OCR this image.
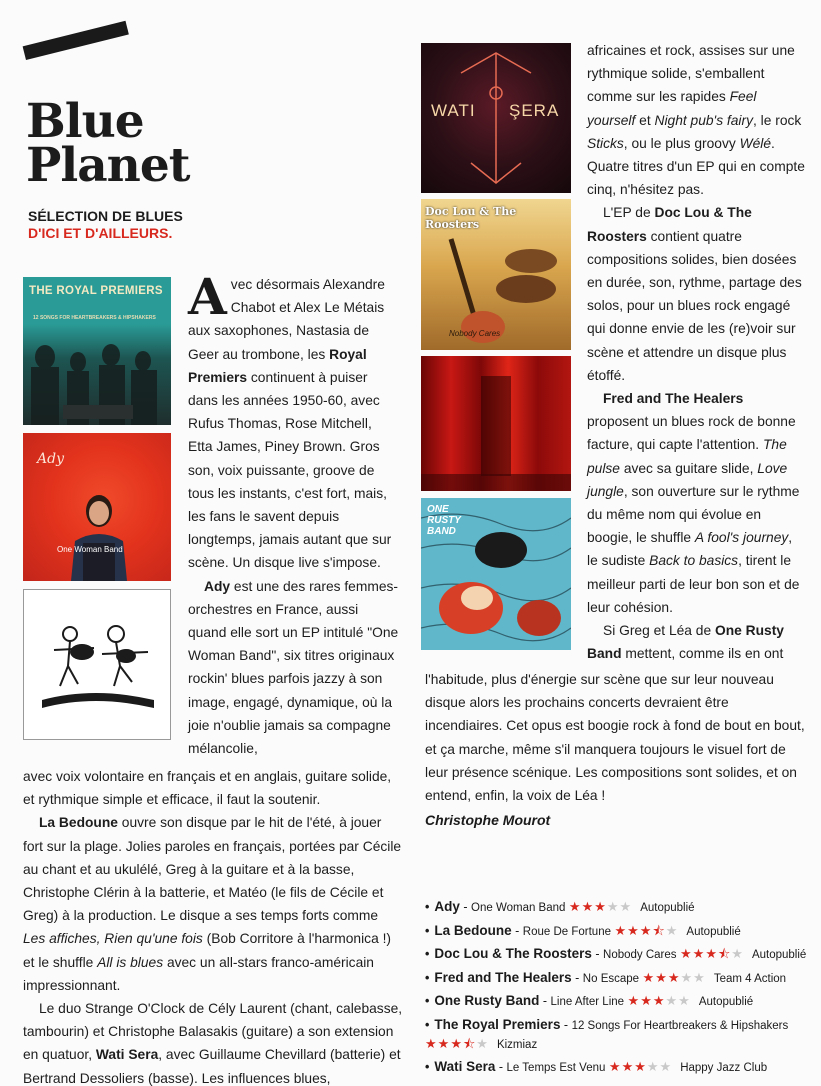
Blue
Planet
SÉLECTION DE BLUES
D'ICI ET D'AILLEURS.
THE ROYAL PREMIERS
12 SONGS FOR HEARTBREAKERS & HIPSHAKERS
Ady
One Woman Band
WATI ŞERA
Doc Lou & The Roosters
Nobody Cares
ONE RUSTY BAND

Avec désormais Alexandre Chabot et Alex Le Métais aux saxophones, Nastasia de Geer au trombone, les Royal Premiers continuent à puiser dans les années 1950-60, avec Rufus Thomas, Rose Mitchell, Etta James, Piney Brown. Gros son, voix puissante, groove de tous les instants, c'est fort, mais, les fans le savent depuis longtemps, jamais autant que sur scène. Un disque live s'impose.

Ady est une des rares femmes-orchestres en France, aussi quand elle sort un EP intitulé "One Woman Band", six titres originaux rockin' blues parfois jazzy à son image, engagé, dynamique, où la joie n'oublie jamais sa compagne mélancolie,

avec voix volontaire en français et en anglais, guitare solide, et rythmique simple et efficace, il faut la soutenir.

La Bedoune ouvre son disque par le hit de l'été, à jouer fort sur la plage. Jolies paroles en français, portées par Cécile au chant et au ukulélé, Greg à la guitare et à la basse, Christophe Clérin à la batterie, et Matéo (le fils de Cécile et Greg) à la production. Le disque a ses temps forts comme Les affiches, Rien qu'une fois (Bob Corritore à l'harmonica !) et le shuffle All is blues avec un all-stars franco-américain impressionnant.

Le duo Strange O'Clock de Cély Laurent (chant, calebasse, tambourin) et Christophe Balasakis (guitare) a son extension en quatuor, Wati Sera, avec Guillaume Chevillard (batterie) et Bertrand Dessoliers (basse). Les influences blues,

africaines et rock, assises sur une rythmique solide, s'emballent comme sur les rapides Feel yourself et Night pub's fairy, le rock Sticks, ou le plus groovy Wélé. Quatre titres d'un EP qui en compte cinq, n'hésitez pas.

L'EP de Doc Lou & The Roosters contient quatre compositions solides, bien dosées en durée, son, rythme, partage des solos, pour un blues rock engagé qui donne envie de les (re)voir sur scène et attendre un disque plus étoffé.

Fred and The Healers proposent un blues rock de bonne facture, qui capte l'attention. The pulse avec sa guitare slide, Love jungle, son ouverture sur le rythme du même nom qui évolue en boogie, le shuffle A fool's journey, le sudiste Back to basics, tirent le meilleur parti de leur bon son et de leur cohésion.

Si Greg et Léa de One Rusty Band mettent, comme ils en ont

l'habitude, plus d'énergie sur scène que sur leur nouveau disque alors les prochains concerts devraient être incendiaires. Cet opus est boogie rock à fond de bout en bout, et ça marche, même s'il manquera toujours le visuel fort de leur présence scénique. Les compositions sont solides, et on entend, enfin, la voix de Léa !

Christophe Mourot
• Ady - One Woman Band ★★★★★ Autopublié
• La Bedoune - Roue De Fortune ★★★⯪★ Autopublié
• Doc Lou & The Roosters - Nobody Cares ★★★⯪★ Autopublié
• Fred and The Healers - No Escape ★★★★★ Team 4 Action
• One Rusty Band - Line After Line ★★★★★ Autopublié
• The Royal Premiers - 12 Songs For Heartbreakers & Hipshakers
★★★⯪★ Kizmiaz
• Wati Sera - Le Temps Est Venu ★★★★★ Happy Jazz Club
